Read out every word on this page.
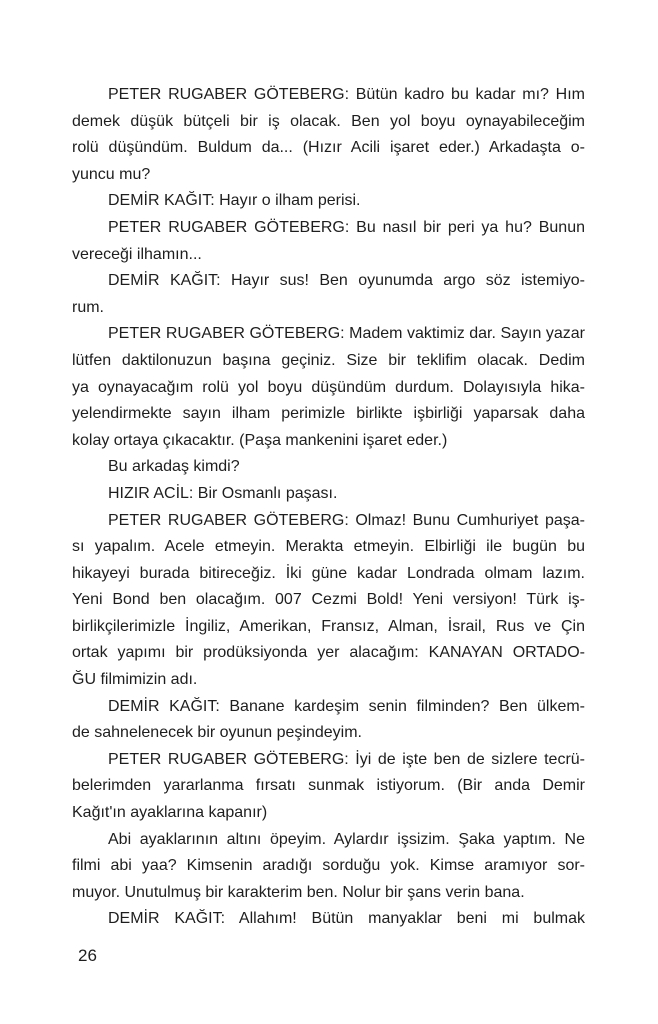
PETER RUGABER GÖTEBERG: Bütün kadro bu kadar mı? Hım
demek düşük bütçeli bir iş olacak. Ben yol boyu oynayabileceğim
rolü düşündüm. Buldum da... (Hızır Acili işaret eder.) Arkadaşta o-
yuncu mu?
DEMİR KAĞIT: Hayır o ilham perisi.
PETER RUGABER GÖTEBERG: Bu nasıl bir peri ya hu? Bunun
vereceği ilhamın...
DEMİR KAĞIT: Hayır sus! Ben oyunumda argo söz istemiyo-
rum.
PETER RUGABER GÖTEBERG: Madem vaktimiz dar. Sayın yazar
lütfen daktilonuzun başına geçiniz. Size bir teklifim olacak. Dedim
ya oynayacağım rolü yol boyu düşündüm durdum. Dolayısıyla hika-
yelendirmekte sayın ilham perimizle birlikte işbirliği yaparsak daha
kolay ortaya çıkacaktır. (Paşa mankenini işaret eder.)
Bu arkadaş kimdi?
HIZIR ACİL: Bir Osmanlı paşası.
PETER RUGABER GÖTEBERG: Olmaz! Bunu Cumhuriyet paşa-
sı yapalım. Acele etmeyin. Merakta etmeyin. Elbirliği ile bugün bu
hikayeyi burada bitireceğiz. İki güne kadar Londrada olmam lazım.
Yeni Bond ben olacağım. 007 Cezmi Bold! Yeni versiyon! Türk iş-
birlikçilerimizle İngiliz, Amerikan, Fransız, Alman, İsrail, Rus ve Çin
ortak yapımı bir prodüksiyonda yer alacağım: KANAYAN ORTADO-
ĞU filmimizin adı.
DEMİR KAĞIT: Banane kardeşim senin filminden? Ben ülkem-
de sahnelenecek bir oyunun peşindeyim.
PETER RUGABER GÖTEBERG: İyi de işte ben de sizlere tecrü-
belerimden yararlanma fırsatı sunmak istiyorum. (Bir anda Demir
Kağıt'ın ayaklarına kapanır)
Abi ayaklarının altını öpeyim. Aylardır işsizim. Şaka yaptım. Ne
filmi abi yaa? Kimsenin aradığı sorduğu yok. Kimse aramıyor sor-
muyor. Unutulmuş bir karakterim ben. Nolur bir şans verin bana.
DEMİR KAĞIT: Allahım! Bütün manyaklar beni mi bulmak
26
